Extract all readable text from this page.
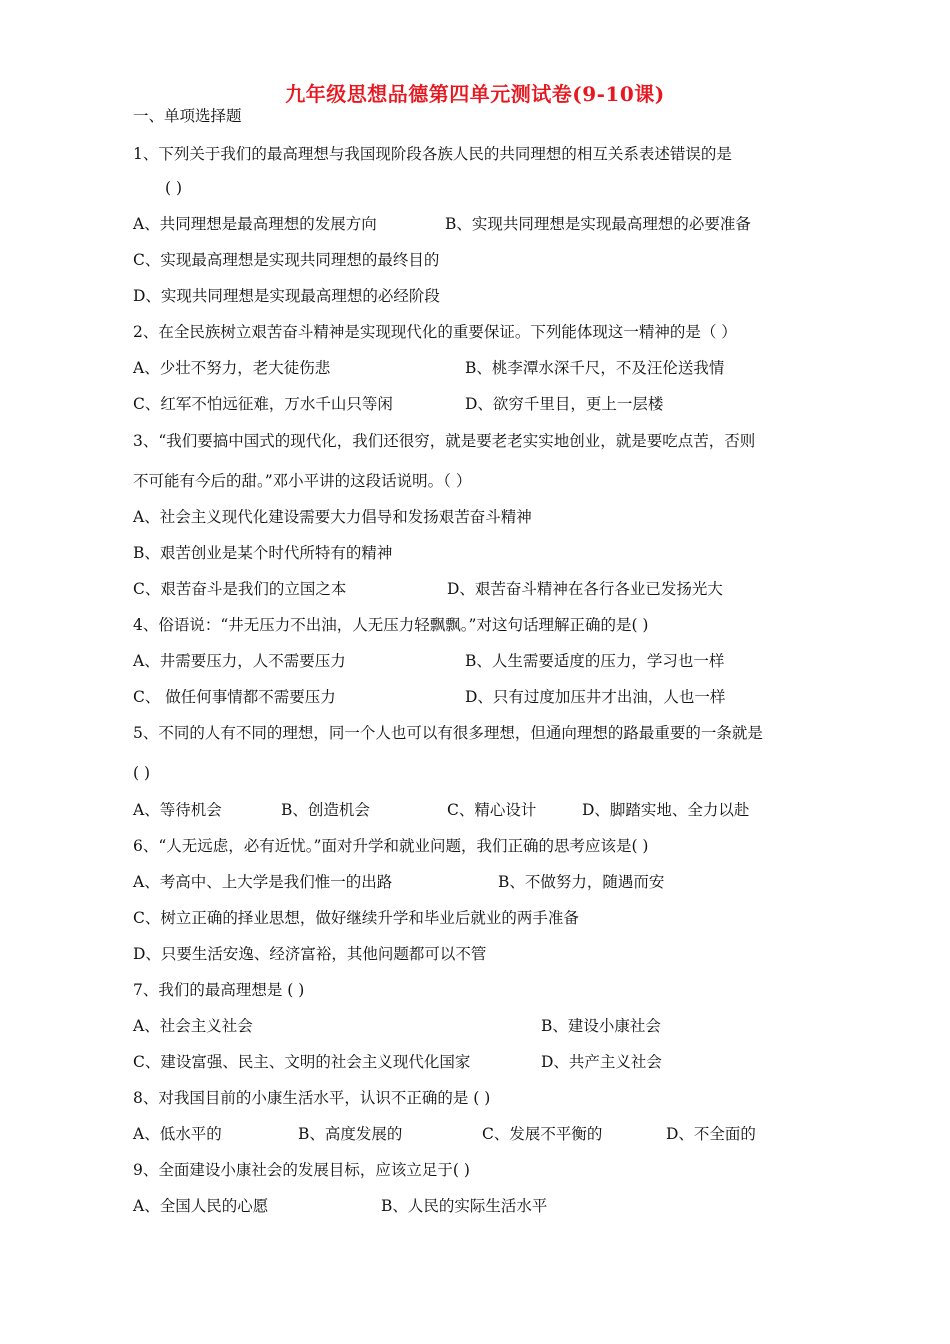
九年级思想品德第四单元测试卷(9-10课)
一、单项选择题
1、下列关于我们的最高理想与我国现阶段各族人民的共同理想的相互关系表述错误的是
( )
A、共同理想是最高理想的发展方向	B、实现共同理想是实现最高理想的必要准备
C、实现最高理想是实现共同理想的最终目的
D、实现共同理想是实现最高理想的必经阶段
2、在全民族树立艰苦奋斗精神是实现现代化的重要保证。下列能体现这一精神的是（ ）
A、少壮不努力，老大徒伤悲	B、桃李潭水深千尺，不及汪伦送我情
C、红军不怕远征难，万水千山只等闲	D、欲穷千里目，更上一层楼
3、“我们要搞中国式的现代化，我们还很穷，就是要老老实实地创业，就是要吃点苦，否则
不可能有今后的甜。”邓小平讲的这段话说明。（ ）
A、社会主义现代化建设需要大力倡导和发扬艰苦奋斗精神
B、艰苦创业是某个时代所特有的精神
C、艰苦奋斗是我们的立国之本	D、艰苦奋斗精神在各行各业已发扬光大
4、俗语说：“井无压力不出油，人无压力轻飘飘。”对这句话理解正确的是( )
A、井需要压力，人不需要压力	B、人生需要适度的压力，学习也一样
C、 做任何事情都不需要压力	D、只有过度加压井才出油，人也一样
5、不同的人有不同的理想，同一个人也可以有很多理想，但通向理想的路最重要的一条就是
( )
A、等待机会	B、创造机会	C、精心设计	D、脚踏实地、全力以赴
6、“人无远虑，必有近忧。”面对升学和就业问题，我们正确的思考应该是( )
A、考高中、上大学是我们惟一的出路	B、不做努力，随遇而安
C、树立正确的择业思想，做好继续升学和毕业后就业的两手准备
D、只要生活安逸、经济富裕，其他问题都可以不管
7、我们的最高理想是 ( )
A、社会主义社会	B、建设小康社会
C、建设富强、民主、文明的社会主义现代化国家	D、共产主义社会
8、对我国目前的小康生活水平，认识不正确的是 ( )
A、低水平的	B、高度发展的	C、发展不平衡的	D、不全面的
9、全面建设小康社会的发展目标，应该立足于( )
A、全国人民的心愿	B、人民的实际生活水平
